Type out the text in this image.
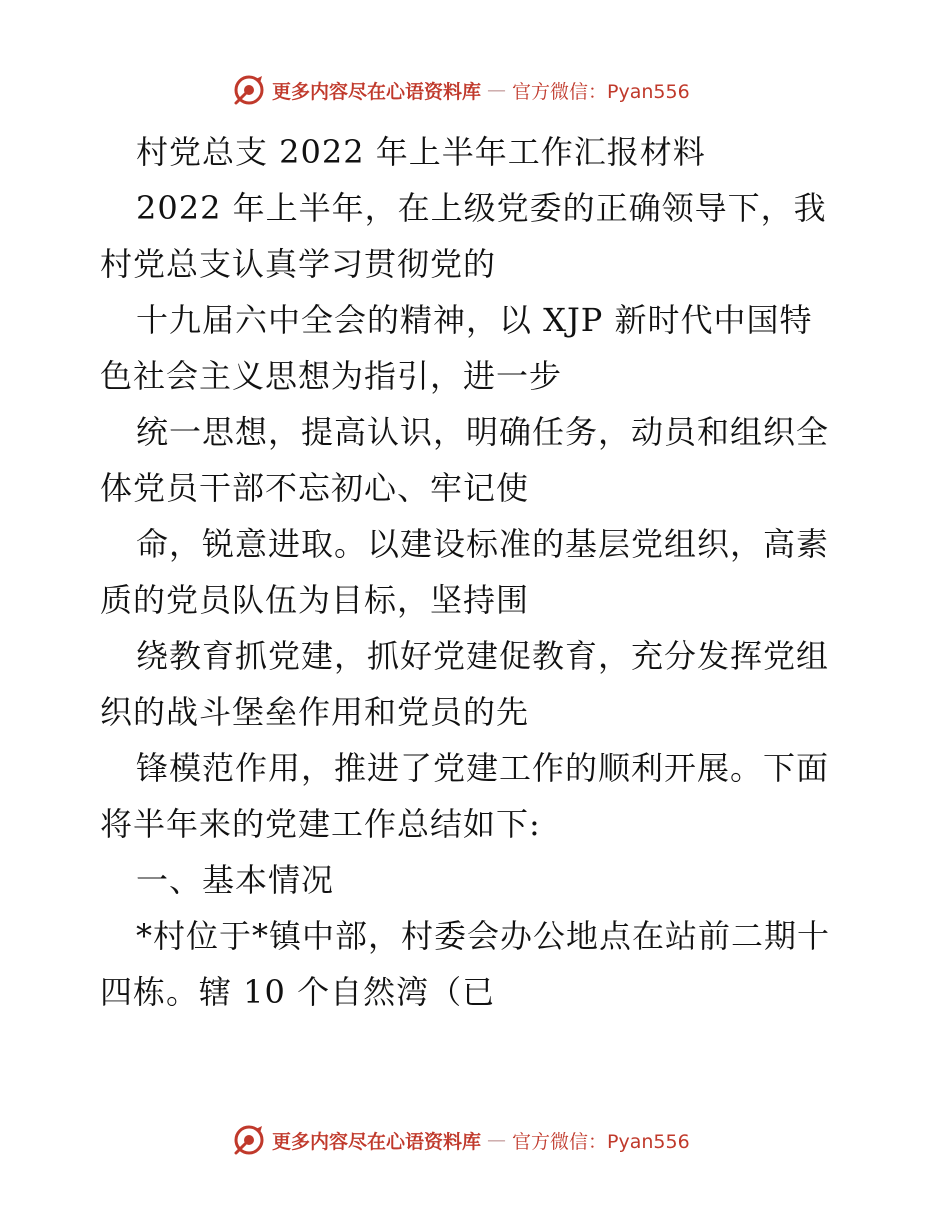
更多内容尽在心语资料库 — 官方微信：Pyan556
村党总支 2022 年上半年工作汇报材料
2022 年上半年，在上级党委的正确领导下，我
村党总支认真学习贯彻党的
十九届六中全会的精神，以 XJP 新时代中国特
色社会主义思想为指引，进一步
统一思想，提高认识，明确任务，动员和组织全
体党员干部不忘初心、牢记使
命，锐意进取。以建设标准的基层党组织，高素
质的党员队伍为目标，坚持围
绕教育抓党建，抓好党建促教育，充分发挥党组
织的战斗堡垒作用和党员的先
锋模范作用，推进了党建工作的顺利开展。下面
将半年来的党建工作总结如下:
一、基本情况
*村位于*镇中部，村委会办公地点在站前二期十
四栋。辖 10 个自然湾（已
更多内容尽在心语资料库 — 官方微信：Pyan556
